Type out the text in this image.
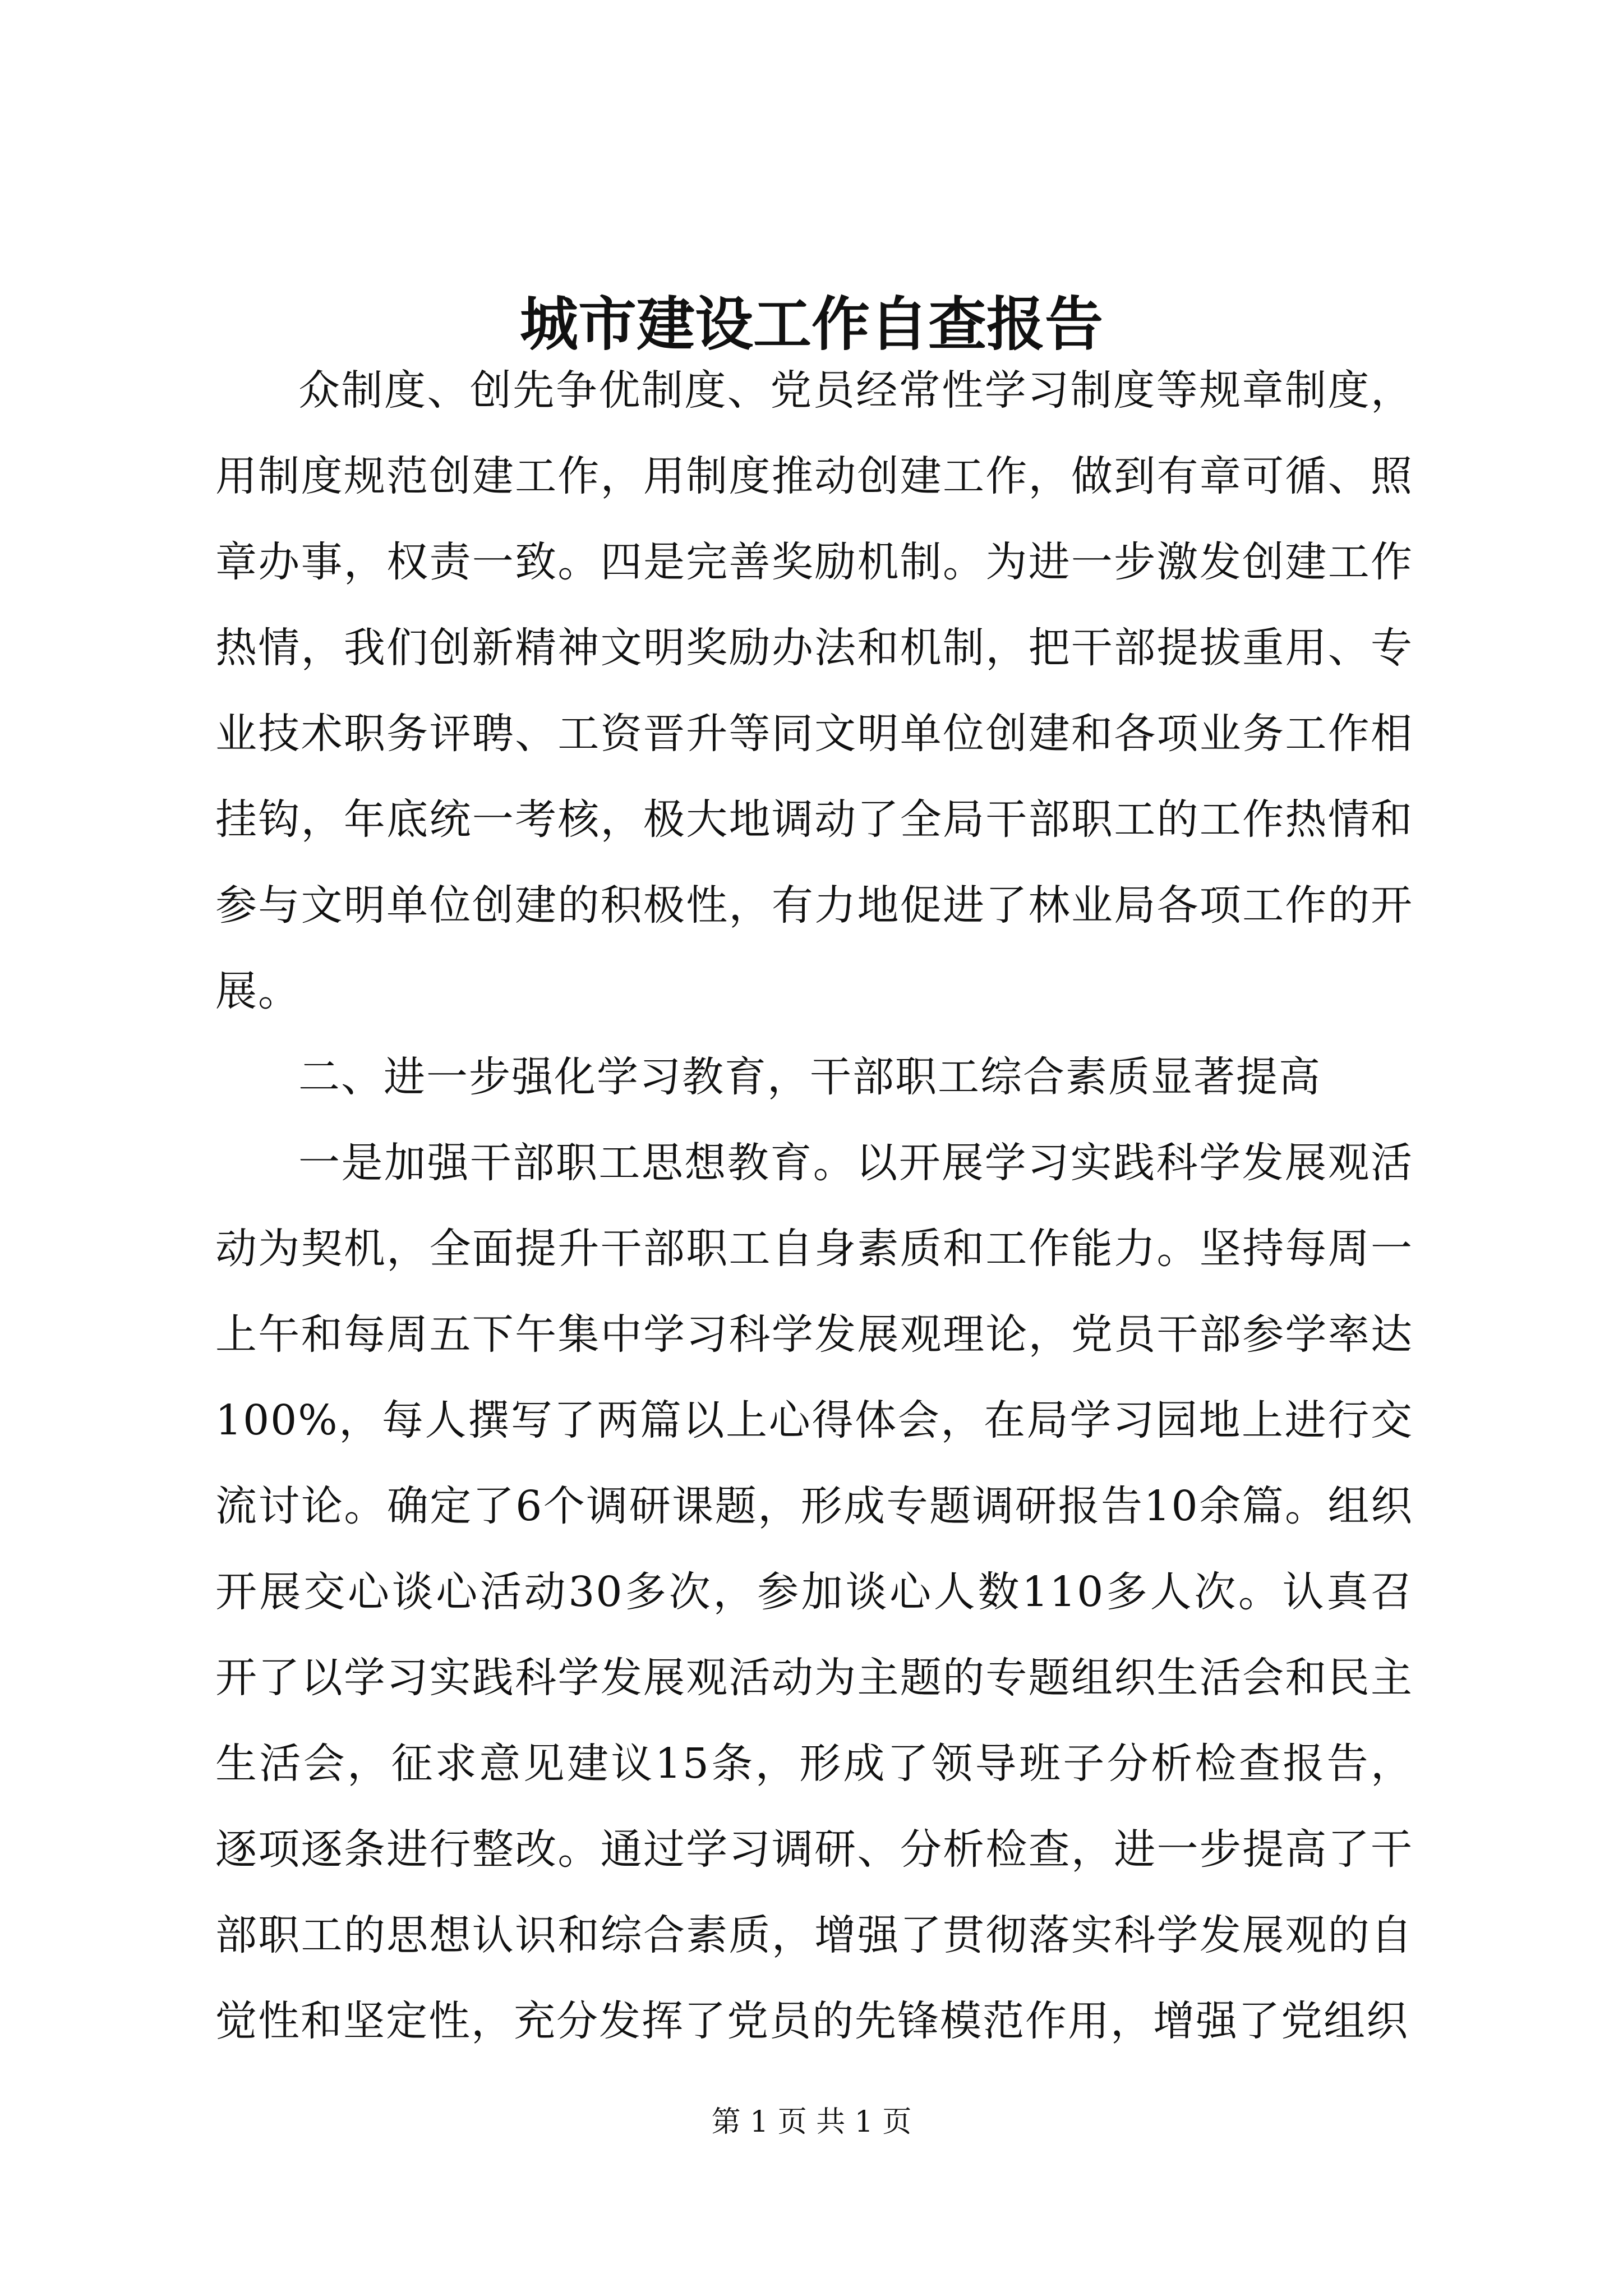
城市建设工作自查报告

众制度、创先争优制度、党员经常性学习制度等规章制度，用制度规范创建工作，用制度推动创建工作，做到有章可循、照章办事，权责一致。四是完善奖励机制。为进一步激发创建工作热情，我们创新精神文明奖励办法和机制，把干部提拔重用、专业技术职务评聘、工资晋升等同文明单位创建和各项业务工作相挂钩，年底统一考核，极大地调动了全局干部职工的工作热情和参与文明单位创建的积极性，有力地促进了林业局各项工作的开展。

二、进一步强化学习教育，干部职工综合素质显著提高

一是加强干部职工思想教育。以开展学习实践科学发展观活动为契机，全面提升干部职工自身素质和工作能力。坚持每周一上午和每周五下午集中学习科学发展观理论，党员干部参学率达100%，每人撰写了两篇以上心得体会，在局学习园地上进行交流讨论。确定了6个调研课题，形成专题调研报告10余篇。组织开展交心谈心活动30多次，参加谈心人数110多人次。认真召开了以学习实践科学发展观活动为主题的专题组织生活会和民主生活会，征求意见建议15条，形成了领导班子分析检查报告，逐项逐条进行整改。通过学习调研、分析检查，进一步提高了干部职工的思想认识和综合素质，增强了贯彻落实科学发展观的自觉性和坚定性，充分发挥了党员的先锋模范作用，增强了党组织

第 1 页 共 1 页
